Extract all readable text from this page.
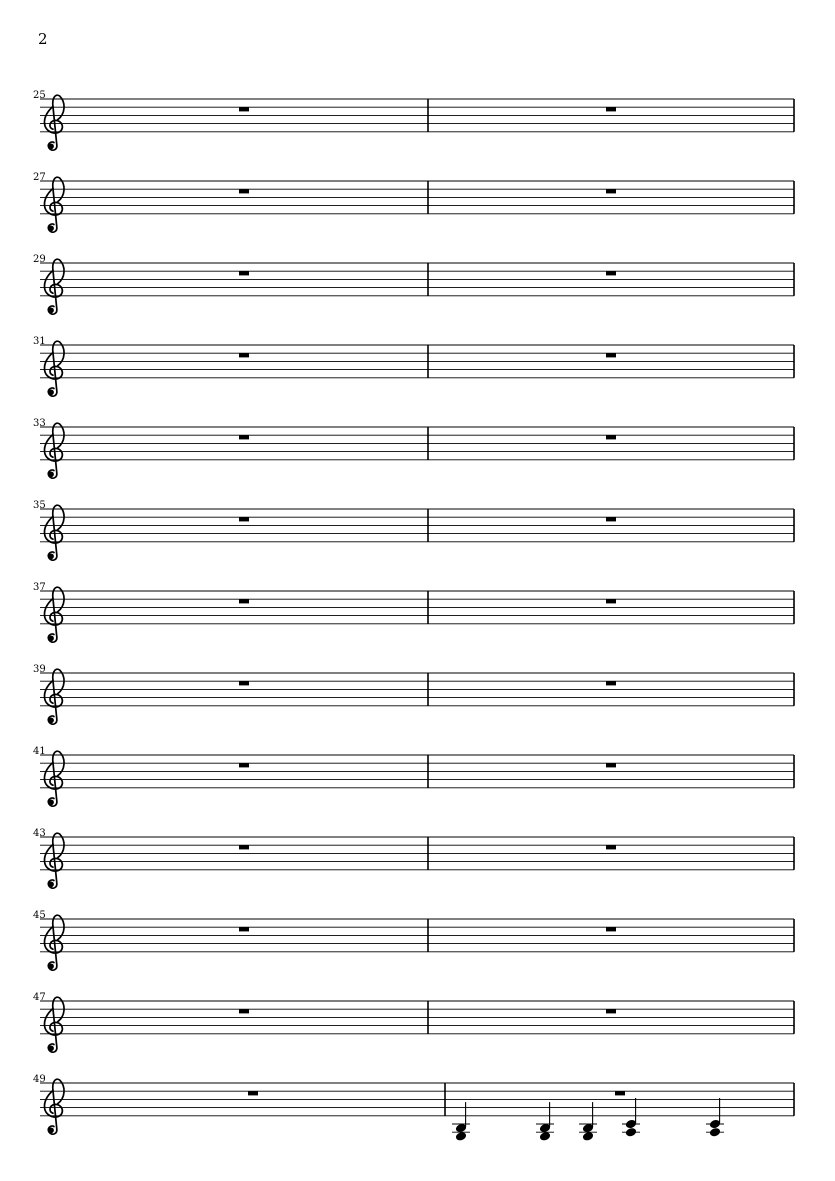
2
25
27
29
31
33
35
37
39
41
43
45
47
49
